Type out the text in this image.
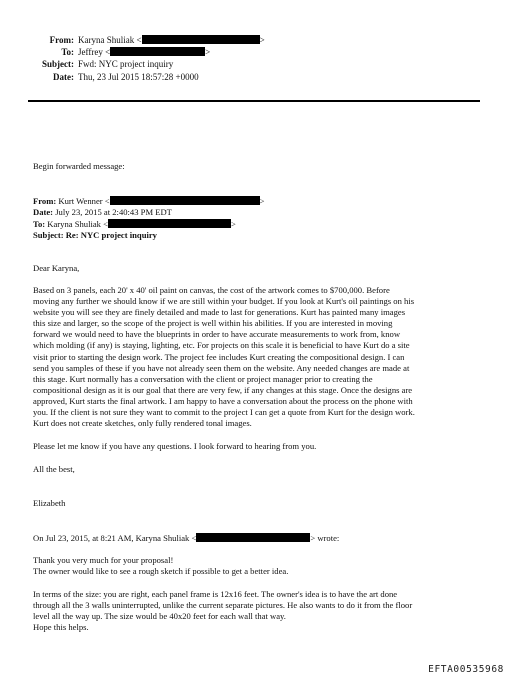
From: Karyna Shuliak <	>
To: Jeffrey <	>
Subject: Fwd: NYC project inquiry
Date: Thu, 23 Jul 2015 18:57:28 +0000

Begin forwarded message:

From: Kurt Wenner <	>

Date: July 23, 2015 at 2:40:43 PM EDT

To: Karyna Shuliak <	>

Subject: Re: NYC project inquiry

Dear Karyna,

Based on 3 panels, each 20' x 40' oil paint on canvas, the cost of the artwork comes to $700,000. Before

moving any further we should know if we are still within your budget. If you look at Kurt's oil paintings on his

website you will see they are finely detailed and made to last for generations. Kurt has painted many images

this size and larger, so the scope of the project is well within his abilities. If you are interested in moving

forward we would need to have the blueprints in order to have accurate measurements to work from, know

which molding (if any) is staying, lighting, etc. For projects on this scale it is beneficial to have Kurt do a site

visit prior to starting the design work. The project fee includes Kurt creating the compositional design. I can

send you samples of these if you have not already seen them on the website. Any needed changes are made at

this stage. Kurt normally has a conversation with the client or project manager prior to creating the

compositional design as it is our goal that there are very few, if any changes at this stage. Once the designs are

approved, Kurt starts the final artwork. I am happy to have a conversation about the process on the phone with

you. If the client is not sure they want to commit to the project I can get a quote from Kurt for the design work.

Kurt does not create sketches, only fully rendered tonal images.

Please let me know if you have any questions. I look forward to hearing from you.

All the best,

Elizabeth

On Jul 23, 2015, at 8:21 AM, Karyna Shuliak <	> wrote:

Thank you very much for your proposal!

The owner would like to see a rough sketch if possible to get a better idea.

In terms of the size: you are right, each panel frame is 12x16 feet. The owner's idea is to have the art done

through all the 3 walls uninterrupted, unlike the current separate pictures. He also wants to do it from the floor

level all the way up. The size would be 40x20 feet for each wall that way.

Hope this helps.

EFTA00535968
